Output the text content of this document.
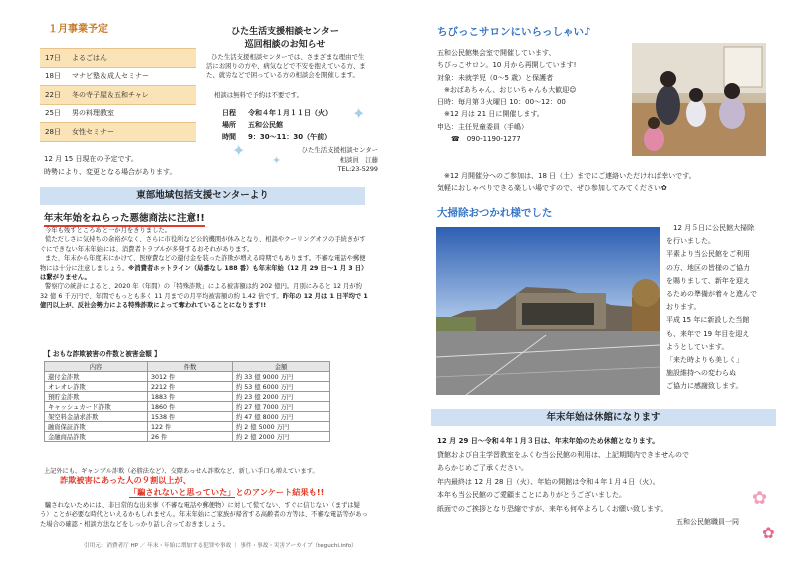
１月事業予定
17日	よるごはん
18日	マナビ塾＆成人セミナー
22日	冬の寺子屋＆五和チャレ
25日	男の料理教室
28日	女性セミナー
12 月 15 日現在の予定です。
時勢により、変更となる場合があります。
ひた生活支援相談センター
巡回相談のお知らせ
ひた生活支援相談センターでは、さまざまな理由で生活にお困りの方や、病気などで不安を抱えている方、また、就労などで困っている方の相談会を開催します。
相談は無料で予約は不要です。
日程 令和４年１月１１日（火）
場所 五和公民館
時間 9：30～11：30（午前）
ひた生活支援相談センター
相談員　江藤
TEL:23-5299
✦
✦
✦
東部地域包括支援センターより
年末年始をねらった悪徳商法に注意!!

今年も残すところあと一か月をきりました。

慌ただしさに気持ちの余裕がなく、さらに市役所など公的機関が休みとなり、相談やクーリングオフの手続きがすぐにできない年末年始には、消費者トラブルが多発するおそれがあります。

また、年末から年度末にかけて、医療費などの還付金を装った詐欺が増える時期でもあります。不審な電話や郵便物には十分に注意しましょう。※消費者ホットライン（局番なし 188 番）も年末年始（12 月 29 日～1 月 3 日）は繋がりません。

警察庁の統計によると、2020 年（年間）の「特殊詐欺」による被害額は約 202 億円。月別にみると 12 月が約 32 億 6 千万円で、年間でもっとも多く 11 月までの月平均被害額の約 1.42 倍です。昨年の 12 月は 1 日平均で 1 億円以上が、反社会勢力による特殊詐欺によって奪われていることになります!!

【 おもな詐欺被害の件数と被害金額 】
内容	件数	金額
還付金詐欺	3012 件	約 33 億 9000 万円
オレオレ詐欺	2212 件	約 53 億 6000 万円
預貯金詐欺	1883 件	約 23 億 2000 万円
キャッシュカード詐欺	1860 件	約 27 億 7000 万円
架空料金請求詐欺	1538 件	約 47 億 8000 万円
融資保証詐欺	122 件	約 2 億 5000 万円
金融商品詐欺	26 件	約 2 億 2000 万円
上記外にも、ギャンブル詐欺（必勝法など）、交際あっせん詐欺など、新しい手口も増えています。
詐欺被害にあった人の９割以上が、
「騙されないと思っていた」とのアンケート結果も!!
騙されないためには、非日常的な出来事（不審な電話や郵便物）に対して慌てない、すぐに信じない（まずは疑う）ことが必要な時代といえるかもしれません。年末年始にご家族が帰省する高齢者の方等は、不審な電話等があった場合の確認・相談方法などをしっかり話し合っておきましょう。
引用元：消費者庁 HP ／ 年末・年始に増加する犯罪や事故 ｜ 事件・事故・災害アーカイブ（teguchi.info）
ちびっこサロンにいらっしゃい♪
五和公民館集会室で開催しています、
ちびっこサロン。10 月から再開しています!
対象：未就学児（0～5 歳）と保護者
　※おばあちゃん、おじいちゃんも大歓迎☺
日時：毎月第３火曜日 10：00～12：00
　※12 月は 21 日に開催します。
申込：主任児童委員（手嶋）
　　☎　090-1190-1277
　※12 月開催分へのご参加は、18 日（土）までにご連絡いただければ幸いです。
気軽におしゃべりできる楽しい場ですので、ぜひ参加してみてください✿
大掃除おつかれ様でした
　12 月５日に公民館大掃除
を行いました。
平素より当公民館をご利用
の方、地区の皆様のご協力
を賜りまして、新年を迎え
るための準備が着々と進んで
おります。
平成 15 年に新設した当館
も、来年で 19 年目を迎え
ようとしています。
「来た時よりも美しく」
施設維持への変わらぬ
ご協力に感謝致します。
年末年始は休館になります
12 月 29 日～令和４年１月３日は、年末年始のため休館となります。
貸館および自主学習教室をふくむ当公民館の利用は、上記期間内できませんので
あらかじめご了承ください。
年内最終は 12 月 28 日（火）、年始の開館は令和４年１月４日（火）。
本年も当公民館のご愛顧まことにありがとうございました。
紙面でのご挨拶となり恐縮ですが、来年も何卒よろしくお願い致します。	✿
✿
五和公民館職員一同
